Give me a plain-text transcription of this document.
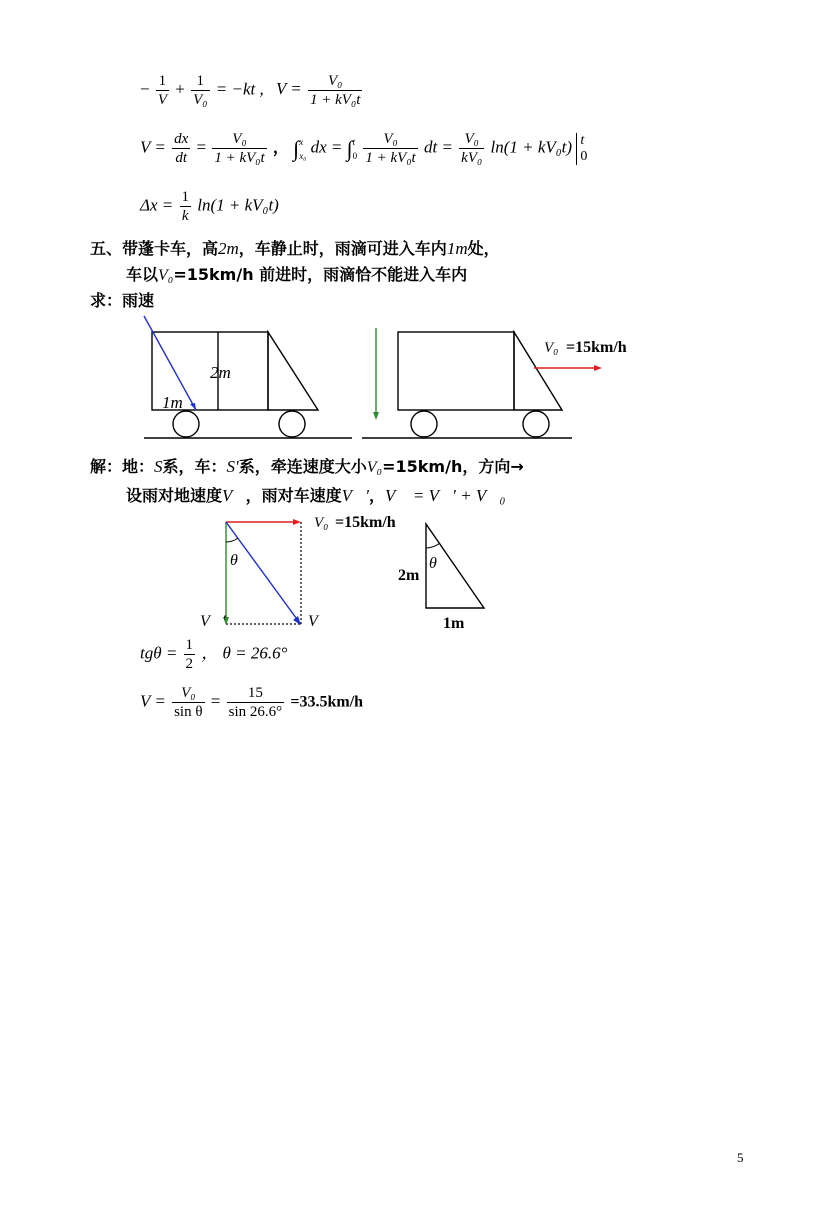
− $\frac{1}{V} + \frac{1}{\text{V₀}} = -kt$ , $V = \frac{\text{V₀}}{\text{1 + kV₀t}}$
$V = \frac{dx}{dt} = \frac{\text{V₀}}{\text{1 + kV₀t}}$ ， ∫ x
x₀ dx = ∫ t
0
$\frac{\text{V₀}}{\text{1 + kV₀t}}$ dt = $\frac{\text{V₀}}{\text{kV₀}} \ln(1 + kV_0t)$ t
0
$\Delta x = \frac{1}{k} \ln(1 + kV_0t)$
五、带蓬卡车，高2m，车静止时，雨滴可进入车内1m处，
车以V₀=15km/h 前进时，雨滴恰不能进入车内
求：雨速
2m
1m
V₀ =15km/h
解：地：S系，车：S′系，牵连速度大小V₀=15km/h，方向→
设雨对地速度V⃗，雨对车速度V⃗′，V⃗ = V⃗′ + V⃗₀
θ
V₀ =15km/h
V⃗′	V⃗
θ
2m
1m
$tg\theta = \frac{1}{2}$ ， θ = 26.6°
$V = \frac{\text{V₀}}{\text{sin θ}} = \frac{15}{\sin 26.6^\circ} =33.5km/h$
5
